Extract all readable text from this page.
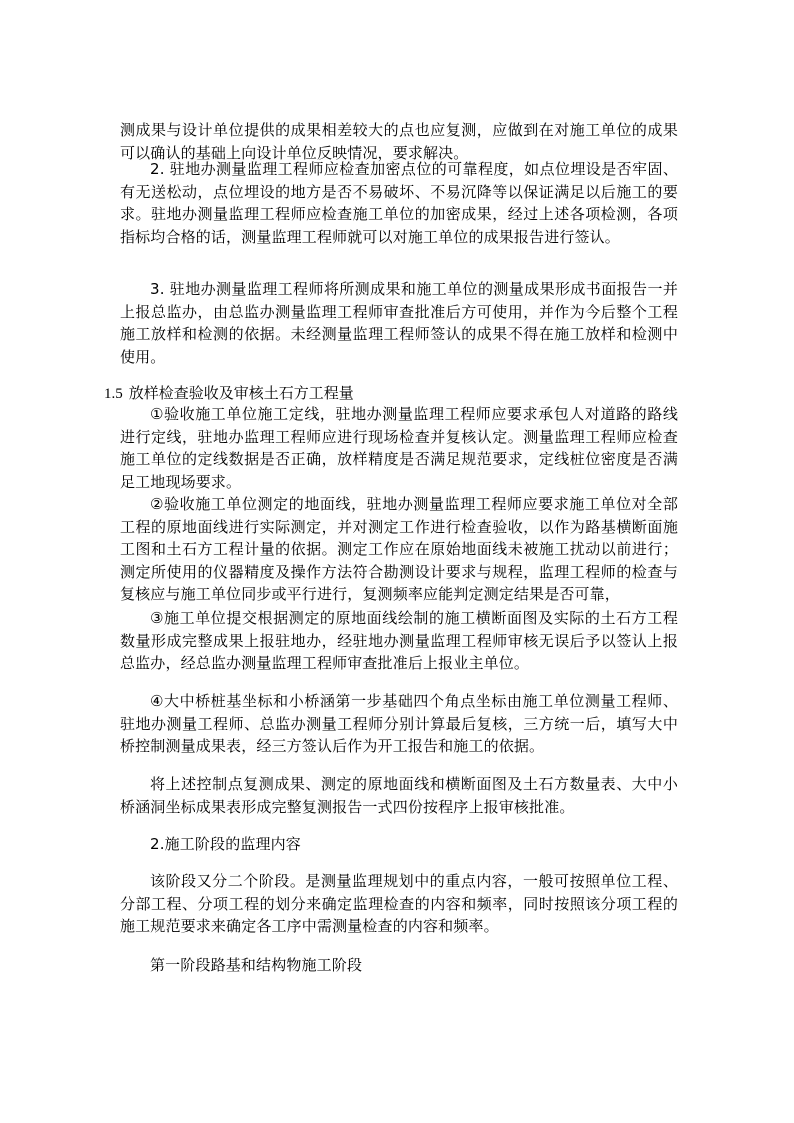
测成果与设计单位提供的成果相差较大的点也应复测，应做到在对施工单位的成果可以确认的基础上向设计单位反映情况，要求解决。

2. 驻地办测量监理工程师应检查加密点位的可靠程度，如点位埋设是否牢固、有无送松动，点位埋设的地方是否不易破坏、不易沉降等以保证满足以后施工的要求。驻地办测量监理工程师应检查施工单位的加密成果，经过上述各项检测，各项指标均合格的话，测量监理工程师就可以对施工单位的成果报告进行签认。

3. 驻地办测量监理工程师将所测成果和施工单位的测量成果形成书面报告一并上报总监办，由总监办测量监理工程师审查批准后方可使用，并作为今后整个工程施工放样和检测的依据。未经测量监理工程师签认的成果不得在施工放样和检测中使用。

1.5 放样检查验收及审核土石方工程量

①验收施工单位施工定线，驻地办测量监理工程师应要求承包人对道路的路线进行定线，驻地办监理工程师应进行现场检查并复核认定。测量监理工程师应检查施工单位的定线数据是否正确，放样精度是否满足规范要求，定线桩位密度是否满足工地现场要求。

②验收施工单位测定的地面线，驻地办测量监理工程师应要求施工单位对全部工程的原地面线进行实际测定，并对测定工作进行检查验收，以作为路基横断面施工图和土石方工程计量的依据。测定工作应在原始地面线未被施工扰动以前进行；测定所使用的仪器精度及操作方法符合勘测设计要求与规程，监理工程师的检查与复核应与施工单位同步或平行进行，复测频率应能判定测定结果是否可靠，

③施工单位提交根据测定的原地面线绘制的施工横断面图及实际的土石方工程数量形成完整成果上报驻地办，经驻地办测量监理工程师审核无误后予以签认上报总监办，经总监办测量监理工程师审查批准后上报业主单位。

④大中桥桩基坐标和小桥涵第一步基础四个角点坐标由施工单位测量工程师、驻地办测量工程师、总监办测量工程师分别计算最后复核，三方统一后，填写大中桥控制测量成果表，经三方签认后作为开工报告和施工的依据。

将上述控制点复测成果、测定的原地面线和横断面图及土石方数量表、大中小桥涵洞坐标成果表形成完整复测报告一式四份按程序上报审核批准。

2.施工阶段的监理内容

该阶段又分二个阶段。是测量监理规划中的重点内容，一般可按照单位工程、分部工程、分项工程的划分来确定监理检查的内容和频率，同时按照该分项工程的施工规范要求来确定各工序中需测量检查的内容和频率。

第一阶段路基和结构物施工阶段
